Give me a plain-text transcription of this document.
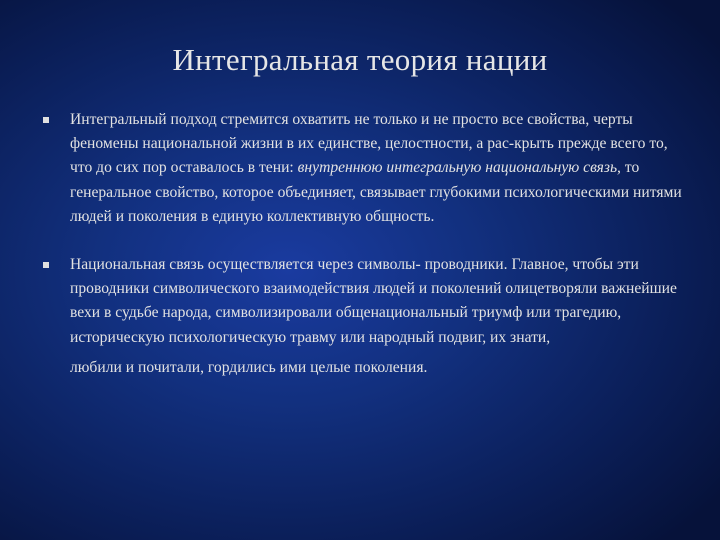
Интегральная теория нации
Интегральный подход стремится охватить не только и не просто все свойства, черты феномены национальной жизни в их единстве, целостности, а рас-крыть прежде всего то, что до сих пор оставалось в тени: внутреннюю интегральную национальную связь, то генеральное свойство, которое объединяет, связывает глубокими психологическими нитями людей и поколения в единую коллективную общность.
Национальная связь осуществляется через символы- проводники. Главное, чтобы эти проводники символического взаимодействия людей и поколений олицетворяли важнейшие вехи в судьбе народа, символизировали общенациональный триумф или трагедию, историческую психологическую травму или народный подвиг, их знати,
любили и почитали, гордились ими целые поколения.
